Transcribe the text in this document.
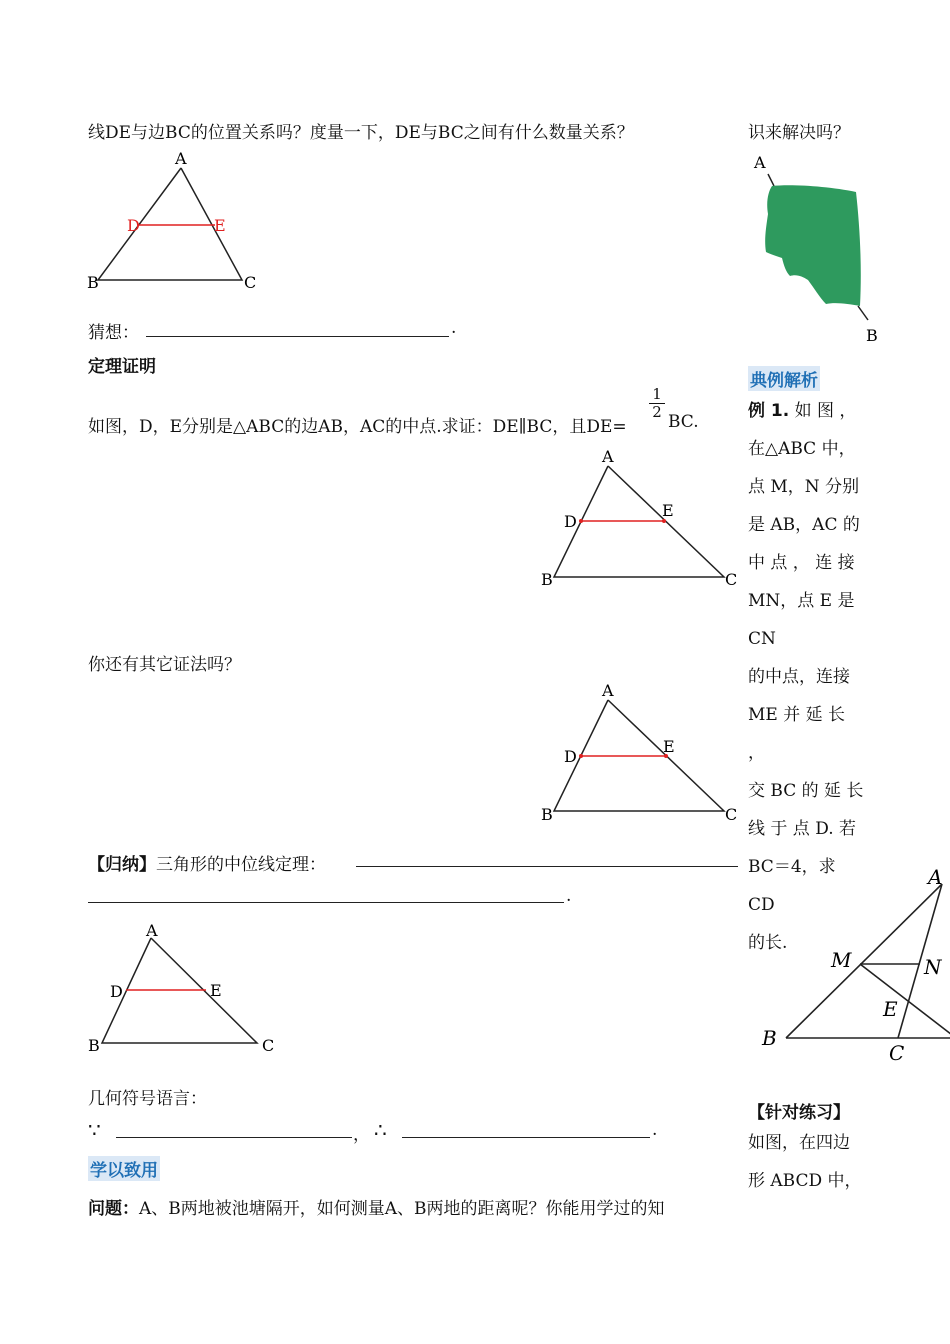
线DE与边BC的位置关系吗？度量一下，DE与BC之间有什么数量关系？
A
D	E
B	C
猜想：	.
定理证明
如图，D，E分别是△ABC的边AB，AC的中点.求证：DE∥BC，且DE=
$\frac{1}{2}$
BC.
A
D
E
B	C
你还有其它证法吗？
A
D
E
B	C
【归纳】三角形的中位线定理：
.
A
D	E
B	C
几何符号语言：
∵	， ∴	.
学以致用
问题：A、B两地被池塘隔开，如何测量A、B两地的距离呢？你能用学过的知
识来解决吗？
A
B
典例解析
例 1. 如 图 ，
在△ABC 中，
点 M，N 分别
是 AB，AC 的
中 点 ， 连 接
MN，点 E 是 CN
的中点，连接
ME 并 延 长 ，
交 BC 的 延 长
线 于 点 D. 若
BC＝4，求 CD
的长.
A
M	N
E
B
C
【针对练习】
如图，在四边
形 ABCD 中，
